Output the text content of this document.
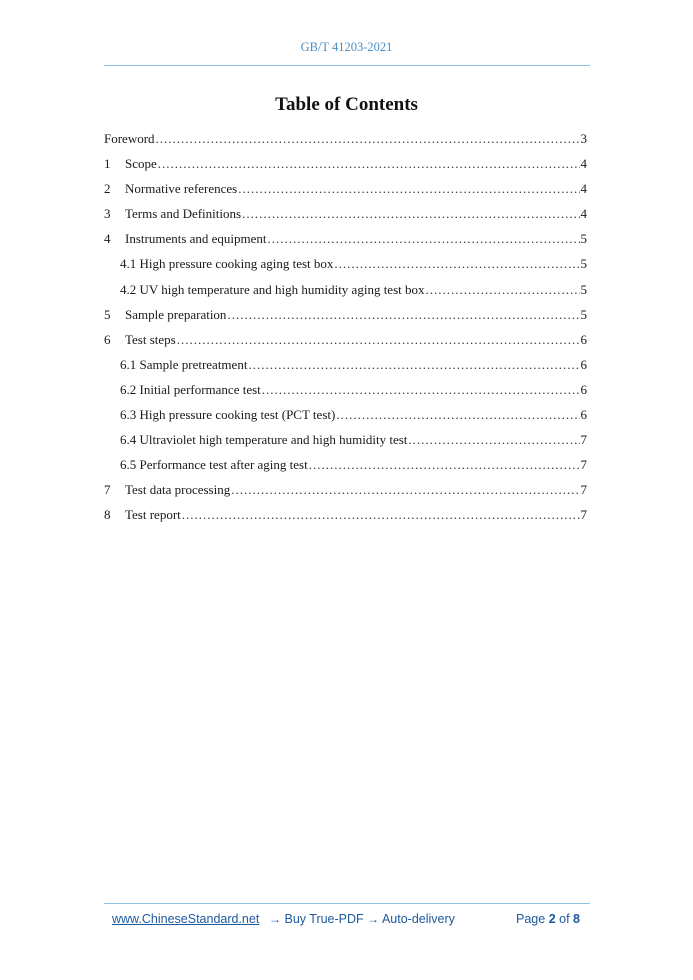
GB/T 41203-2021
Table of Contents
Foreword .....	3
1	Scope .....	4
2	Normative references .....	4
3	Terms and Definitions .....	4
4	Instruments and equipment .....	5
4.1 High pressure cooking aging test box .....	5
4.2 UV high temperature and high humidity aging test box .....	5
5	Sample preparation .....	5
6	Test steps .....	6
6.1 Sample pretreatment .....	6
6.2 Initial performance test .....	6
6.3 High pressure cooking test (PCT test) .....	6
6.4 Ultraviolet high temperature and high humidity test .....	7
6.5 Performance test after aging test .....	7
7	Test data processing .....	7
8	Test report .....	7
www.ChineseStandard.net → Buy True-PDF → Auto-delivery	Page 2 of 8
